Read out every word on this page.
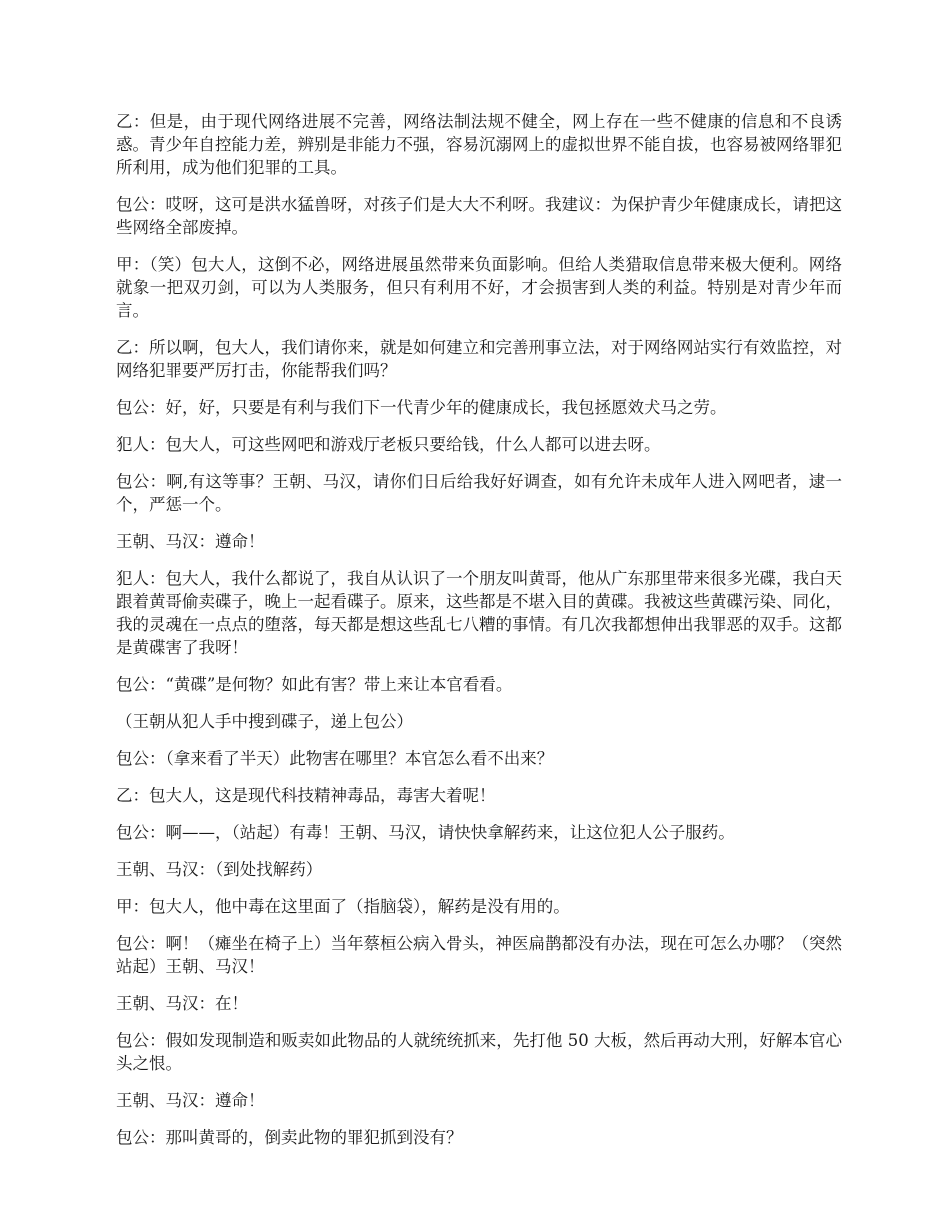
乙：但是，由于现代网络进展不完善，网络法制法规不健全，网上存在一些不健康的信息和不良诱惑。青少年自控能力差，辨别是非能力不强，容易沉溺网上的虚拟世界不能自拔，也容易被网络罪犯所利用，成为他们犯罪的工具。

包公：哎呀，这可是洪水猛兽呀，对孩子们是大大不利呀。我建议：为保护青少年健康成长，请把这些网络全部废掉。

甲：（笑）包大人，这倒不必，网络进展虽然带来负面影响。但给人类猎取信息带来极大便利。网络就象一把双刃剑，可以为人类服务，但只有利用不好，才会损害到人类的利益。特别是对青少年而言。

乙：所以啊，包大人，我们请你来，就是如何建立和完善刑事立法，对于网络网站实行有效监控，对网络犯罪要严厉打击，你能帮我们吗？

包公：好，好，只要是有利与我们下一代青少年的健康成长，我包拯愿效犬马之劳。

犯人：包大人，可这些网吧和游戏厅老板只要给钱，什么人都可以进去呀。

包公：啊,有这等事？王朝、马汉，请你们日后给我好好调查，如有允许未成年人进入网吧者，逮一个，严惩一个。

王朝、马汉：遵命！

犯人：包大人，我什么都说了，我自从认识了一个朋友叫黄哥，他从广东那里带来很多光碟，我白天跟着黄哥偷卖碟子，晚上一起看碟子。原来，这些都是不堪入目的黄碟。我被这些黄碟污染、同化，我的灵魂在一点点的堕落，每天都是想这些乱七八糟的事情。有几次我都想伸出我罪恶的双手。这都是黄碟害了我呀！

包公：“黄碟”是何物？如此有害？带上来让本官看看。

（王朝从犯人手中搜到碟子，递上包公）

包公：（拿来看了半天）此物害在哪里？本官怎么看不出来？

乙：包大人，这是现代科技精神毒品，毒害大着呢！

包公：啊——，（站起）有毒！王朝、马汉，请快快拿解药来，让这位犯人公子服药。

王朝、马汉：（到处找解药）

甲：包大人，他中毒在这里面了（指脑袋），解药是没有用的。

包公：啊！（瘫坐在椅子上）当年蔡桓公病入骨头，神医扁鹊都没有办法，现在可怎么办哪？（突然站起）王朝、马汉！

王朝、马汉：在！

包公：假如发现制造和贩卖如此物品的人就统统抓来，先打他 50 大板，然后再动大刑，好解本官心头之恨。

王朝、马汉：遵命！

包公：那叫黄哥的，倒卖此物的罪犯抓到没有？
